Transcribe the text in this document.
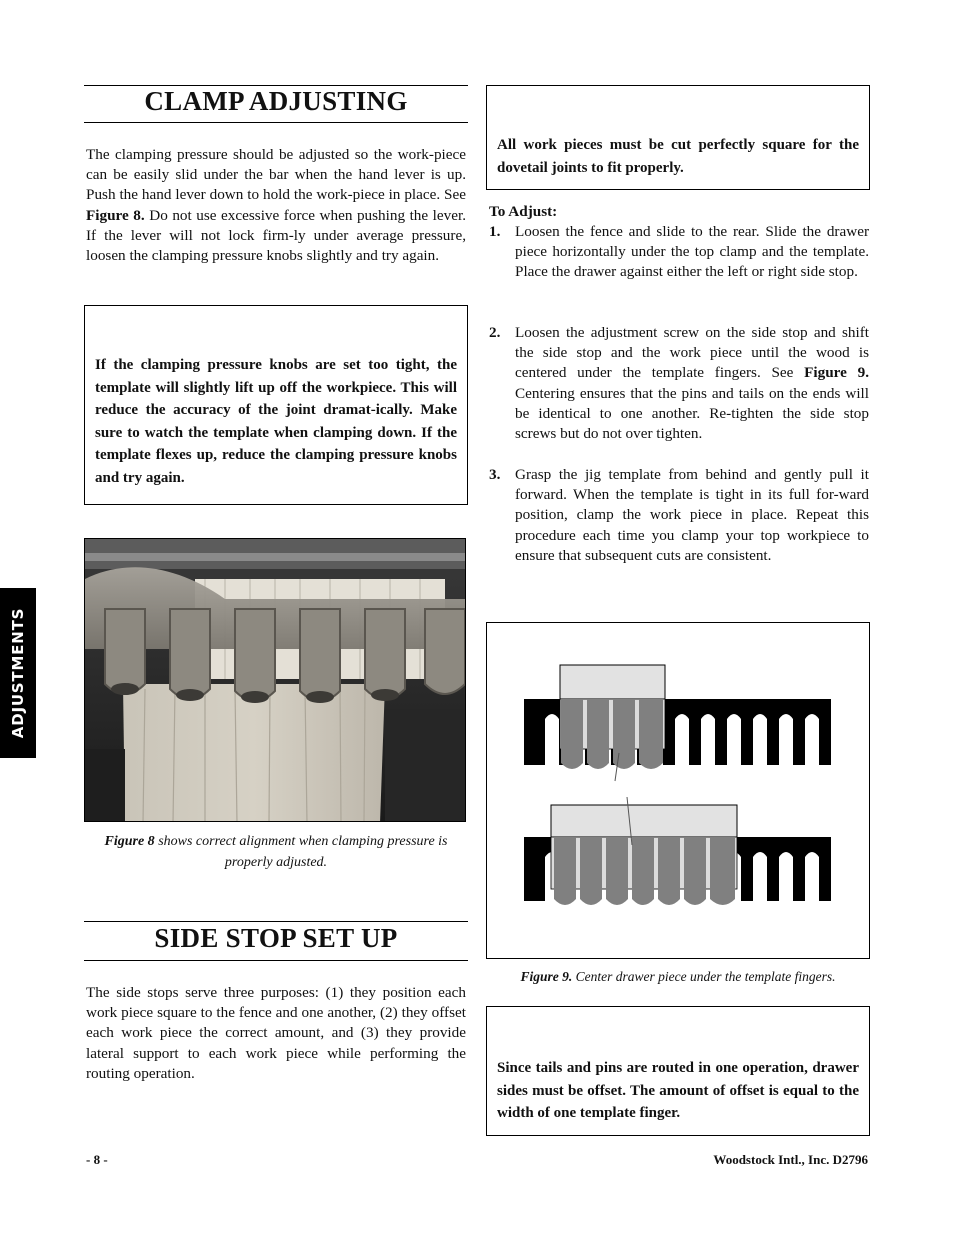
CLAMP ADJUSTING
The clamping pressure should be adjusted so the work-piece can be easily slid under the bar when the hand lever is up. Push the hand lever down to hold the work-piece in place. See Figure 8. Do not use excessive force when pushing the lever. If the lever will not lock firm-ly under average pressure, loosen the clamping pressure knobs slightly and try again.
If the clamping pressure knobs are set too tight, the template will slightly lift up off the workpiece. This will reduce the accuracy of the joint dramat-ically. Make sure to watch the template when clamping down. If the template flexes up, reduce the clamping pressure knobs and try again.
Figure 8 shows correct alignment when clamping pressure is properly adjusted.
SIDE STOP SET UP
The side stops serve three purposes: (1) they position each work piece square to the fence and one another, (2) they offset each work piece the correct amount, and (3) they provide lateral support to each work piece while performing the routing operation.
ADJUSTMENTS
All work pieces must be cut perfectly square for the dovetail joints to fit properly.
To Adjust:
1. Loosen the fence and slide to the rear. Slide the drawer piece horizontally under the top clamp and the template. Place the drawer against either the left or right side stop.
2. Loosen the adjustment screw on the side stop and shift the side stop and the work piece until the wood is centered under the template fingers. See Figure 9. Centering ensures that the pins and tails on the ends will be identical to one another. Re-tighten the side stop screws but do not over tighten.
3. Grasp the jig template from behind and gently pull it forward. When the template is tight in its full for-ward position, clamp the work piece in place. Repeat this procedure each time you clamp your top workpiece to ensure that subsequent cuts are consistent.
Figure 9. Center drawer piece under the template fingers.
Since tails and pins are routed in one operation, drawer sides must be offset. The amount of offset is equal to the width of one template finger.
- 8 -	Woodstock Intl., Inc. D2796
